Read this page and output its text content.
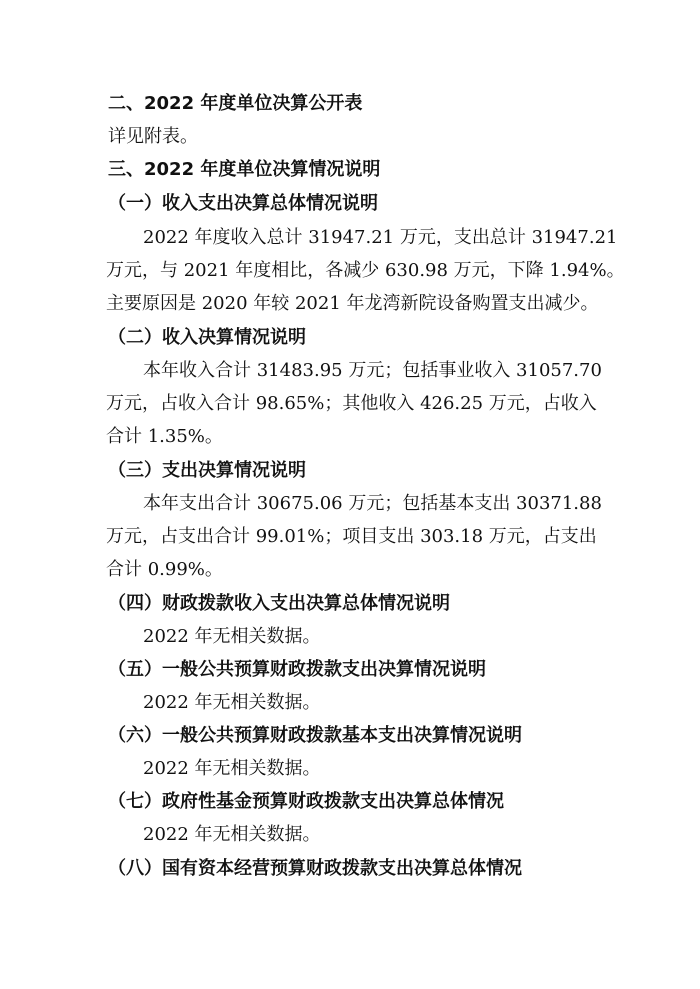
二、2022 年度单位决算公开表
详见附表。
三、2022 年度单位决算情况说明
（一）收入支出决算总体情况说明
2022 年度收入总计 31947.21 万元，支出总计 31947.21
万元，与 2021 年度相比，各减少 630.98 万元，下降 1.94%。
主要原因是 2020 年较 2021 年龙湾新院设备购置支出减少。
（二）收入决算情况说明
本年收入合计 31483.95 万元；包括事业收入 31057.70
万元，占收入合计 98.65%；其他收入 426.25 万元，占收入
合计 1.35%。
（三）支出决算情况说明
本年支出合计 30675.06 万元；包括基本支出 30371.88
万元，占支出合计 99.01%；项目支出 303.18 万元，占支出
合计 0.99%。
（四）财政拨款收入支出决算总体情况说明
2022 年无相关数据。
（五）一般公共预算财政拨款支出决算情况说明
2022 年无相关数据。
（六）一般公共预算财政拨款基本支出决算情况说明
2022 年无相关数据。
（七）政府性基金预算财政拨款支出决算总体情况
2022 年无相关数据。
（八）国有资本经营预算财政拨款支出决算总体情况
